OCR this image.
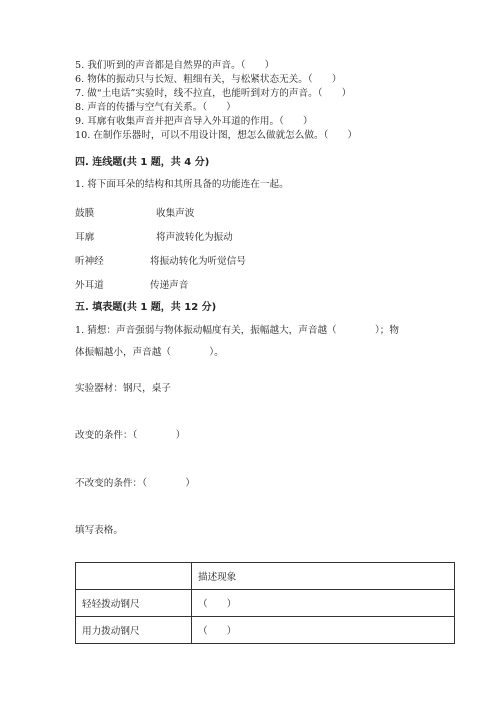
5. 我们听到的声音都是自然界的声音。（　　）
6. 物体的振动只与长短、粗细有关，与松紧状态无关。（　　）
7. 做“土电话”实验时，线不拉直，也能听到对方的声音。（　　）
8. 声音的传播与空气有关系。（　　）
9. 耳廓有收集声音并把声音导入外耳道的作用。（　　）
10. 在制作乐器时，可以不用设计图，想怎么做就怎么做。（　　）
四. 连线题(共 1 题，共 4 分)
1. 将下面耳朵的结构和其所具备的功能连在一起。
鼓膜	收集声波
耳廓	将声波转化为振动
听神经	将振动转化为听觉信号
外耳道	传递声音
五. 填表题(共 1 题，共 12 分)
1. 猜想：声音强弱与物体振动幅度有关，振幅越大，声音越（　　　　）；物
体振幅越小，声音越（　　　　）。
实验器材：钢尺，桌子
改变的条件：（　　　　）
不改变的条件：（　　　　）
填写表格。
	描述现象
轻轻拨动钢尺	（　　）
用力拨动钢尺	（　　）
